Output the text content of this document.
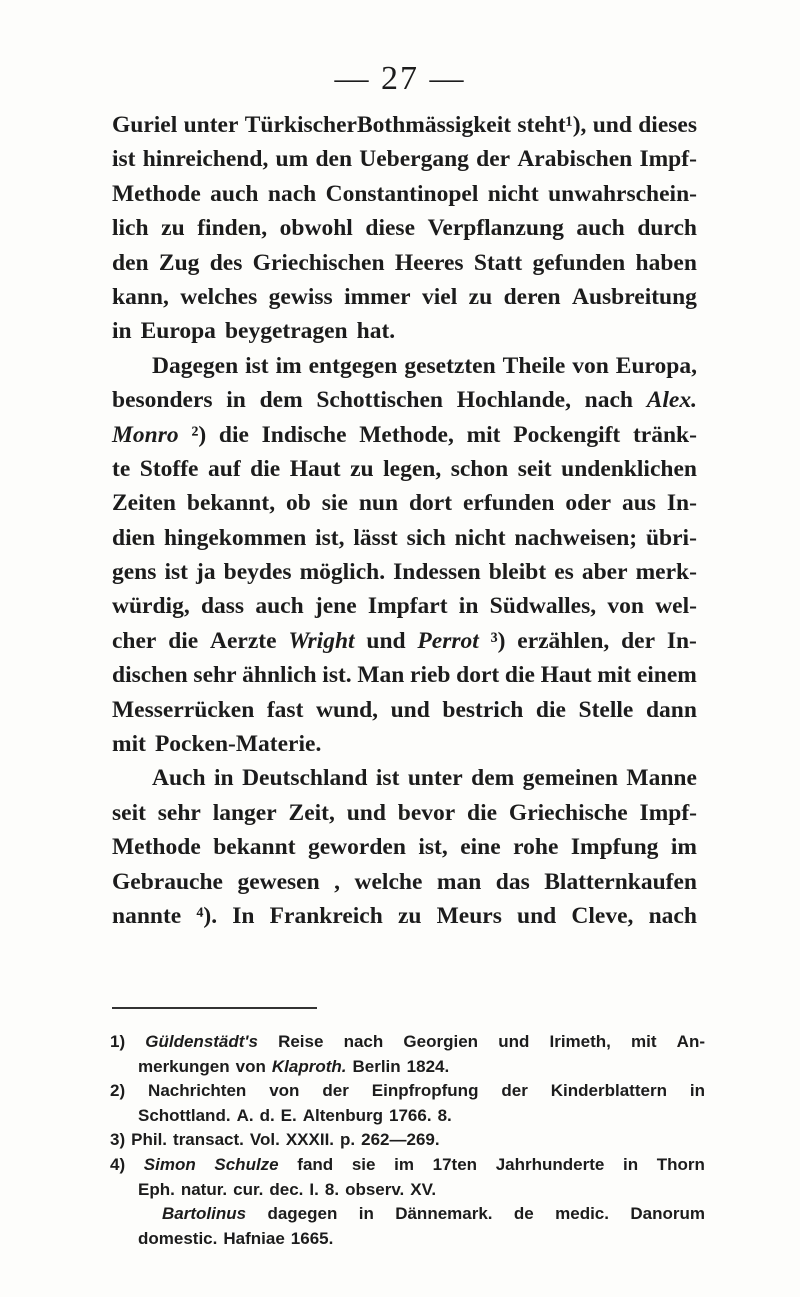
— 27 —
Guriel unter TürkischerBothmässigkeit steht¹), und dieses
ist hinreichend, um den Uebergang der Arabischen Impf-
Methode auch nach Constantinopel nicht unwahrschein-
lich zu finden, obwohl diese Verpflanzung auch durch
den Zug des Griechischen Heeres Statt gefunden haben
kann, welches gewiss immer viel zu deren Ausbreitung
in Europa beygetragen hat.
Dagegen ist im entgegen gesetzten Theile von Europa,
besonders in dem Schottischen Hochlande, nach Alex.
Monro ²) die Indische Methode, mit Pockengift tränk-
te Stoffe auf die Haut zu legen, schon seit undenklichen
Zeiten bekannt, ob sie nun dort erfunden oder aus In-
dien hingekommen ist, lässt sich nicht nachweisen; übri-
gens ist ja beydes möglich. Indessen bleibt es aber merk-
würdig, dass auch jene Impfart in Südwalles, von wel-
cher die Aerzte Wright und Perrot ³) erzählen, der In-
dischen sehr ähnlich ist. Man rieb dort die Haut mit einem
Messerrücken fast wund, und bestrich die Stelle dann
mit Pocken-Materie.
Auch in Deutschland ist unter dem gemeinen Manne
seit sehr langer Zeit, und bevor die Griechische Impf-
Methode bekannt geworden ist, eine rohe Impfung im
Gebrauche gewesen , welche man das Blatternkaufen
nannte ⁴). In Frankreich zu Meurs und Cleve, nach
1) Güldenstädt's Reise nach Georgien und Irimeth, mit An-
merkungen von Klaproth. Berlin 1824.
2) Nachrichten von der Einpfropfung der Kinderblattern in
Schottland. A. d. E. Altenburg 1766. 8.
3) Phil. transact. Vol. XXXII. p. 262—269.
4) Simon Schulze fand sie im 17ten Jahrhunderte in Thorn
Eph. natur. cur. dec. I. 8. observ. XV.
Bartolinus dagegen in Dännemark. de medic. Danorum
domestic. Hafniae 1665.
